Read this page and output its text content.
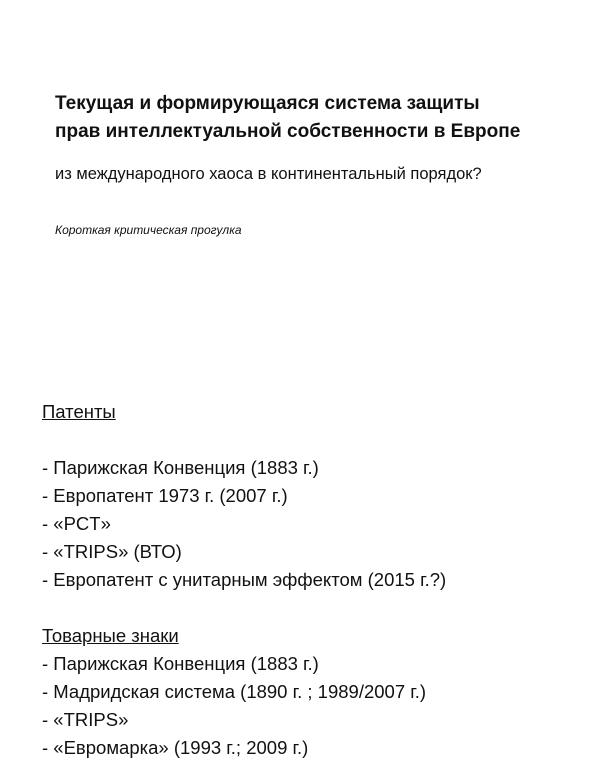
Текущая и формирующаяся система защиты
прав интеллектуальной собственности в Европе

из международного хаоса в континентальный порядок?

Короткая критическая прогулка

Патенты

- Парижская Конвенция (1883 г.)
- Европатент 1973 г. (2007 г.)
- «PCT»
- «TRIPS» (ВТО)
- Европатент с унитарным эффектом (2015 г.?)

Товарные знаки

- Парижская Конвенция (1883 г.)
- Мадридская система (1890 г. ; 1989/2007 г.)
- «TRIPS»
- «Евромарка» (1993 г.; 2009 г.)
